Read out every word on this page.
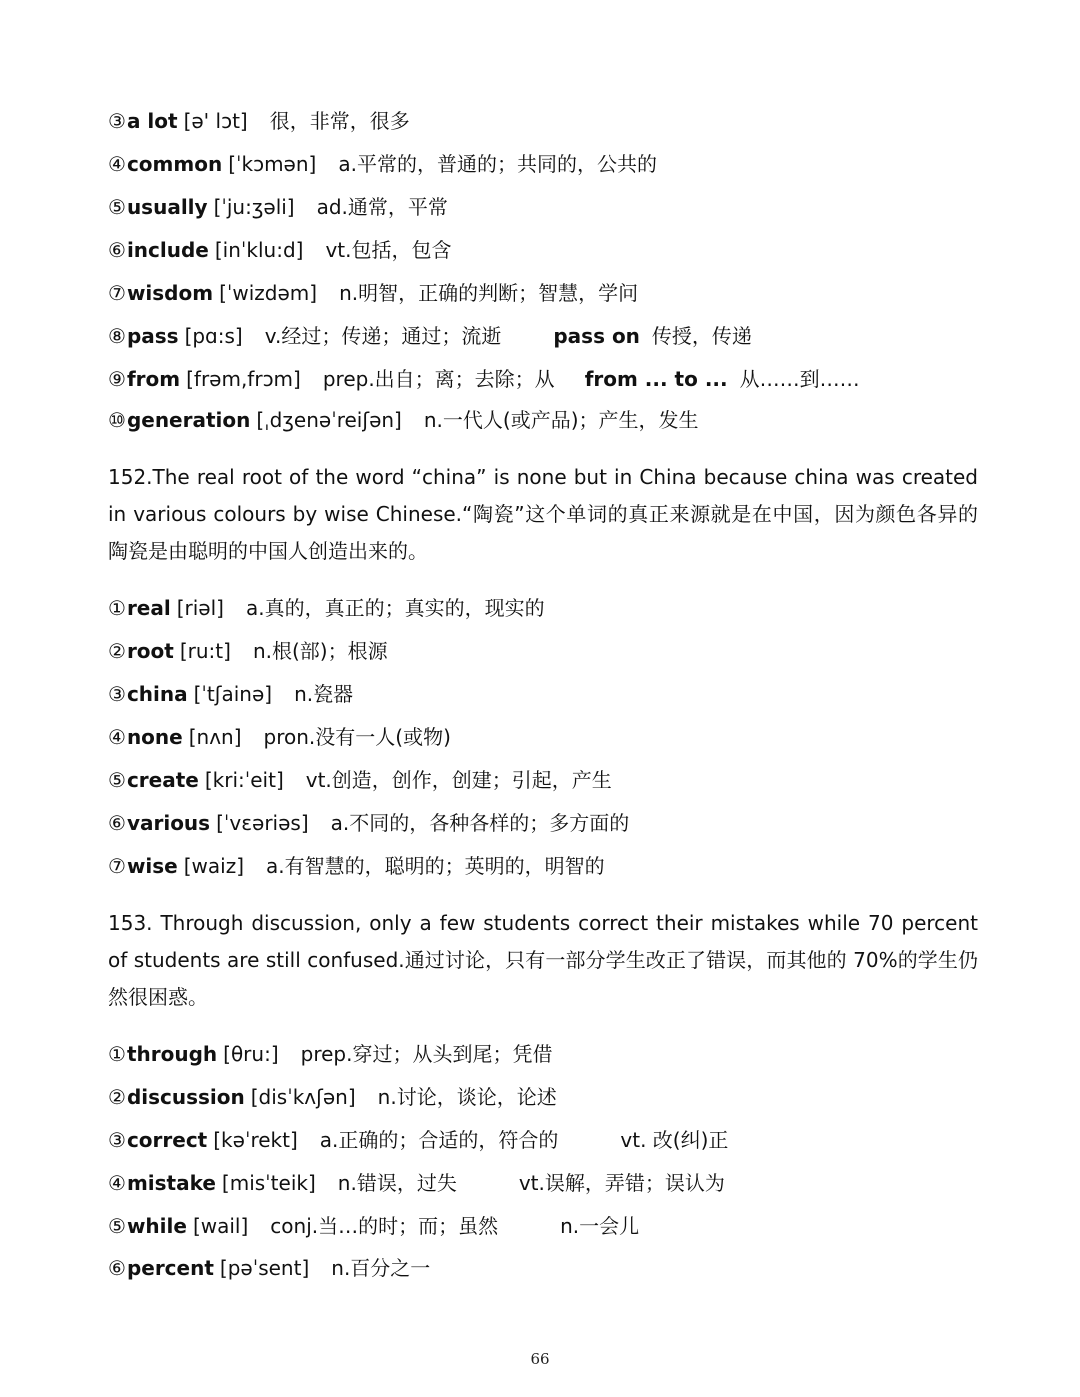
③a lot [ə' lɔt] 很，非常，很多
④common [ˈkɔmən] a.平常的，普通的；共同的，公共的
⑤usually [ˈju:ʒəli] ad.通常，平常
⑥include [inˈklu:d] vt.包括，包含
⑦wisdom [ˈwizdəm] n.明智，正确的判断；智慧，学问
⑧pass [pɑ:s] v.经过；传递；通过；流逝	pass on 传授，传递
⑨from [frəm,frɔm] prep.出自；离；去除；从 from ... to ... 从……到……
⑩generation [ˌdʒenəˈreiʃən] n.一代人(或产品)；产生，发生
152.The real root of the word “china” is none but in China because china was created in various colours by wise Chinese.“陶瓷”这个单词的真正来源就是在中国，因为颜色各异的陶瓷是由聪明的中国人创造出来的。
①real [riəl] a.真的，真正的；真实的，现实的
②root [ru:t] n.根(部)；根源
③china [ˈtʃainə] n.瓷器
④none [nʌn] pron.没有一人(或物)
⑤create [kri:ˈeit] vt.创造，创作，创建；引起，产生
⑥various [ˈvɛəriəs] a.不同的，各种各样的；多方面的
⑦wise [waiz] a.有智慧的，聪明的；英明的，明智的
153. Through discussion, only a few students correct their mistakes while 70 percent of students are still confused.通过讨论，只有一部分学生改正了错误，而其他的 70%的学生仍然很困惑。
①through [θru:] prep.穿过；从头到尾；凭借
②discussion [disˈkʌʃən] n.讨论，谈论，论述
③correct [kəˈrekt] a.正确的；合适的，符合的	vt. 改(纠)正
④mistake [misˈteik] n.错误，过失	vt.误解，弄错；误认为
⑤while [wail] conj.当…的时；而；虽然	n.一会儿
⑥percent [pəˈsent] n.百分之一
66
